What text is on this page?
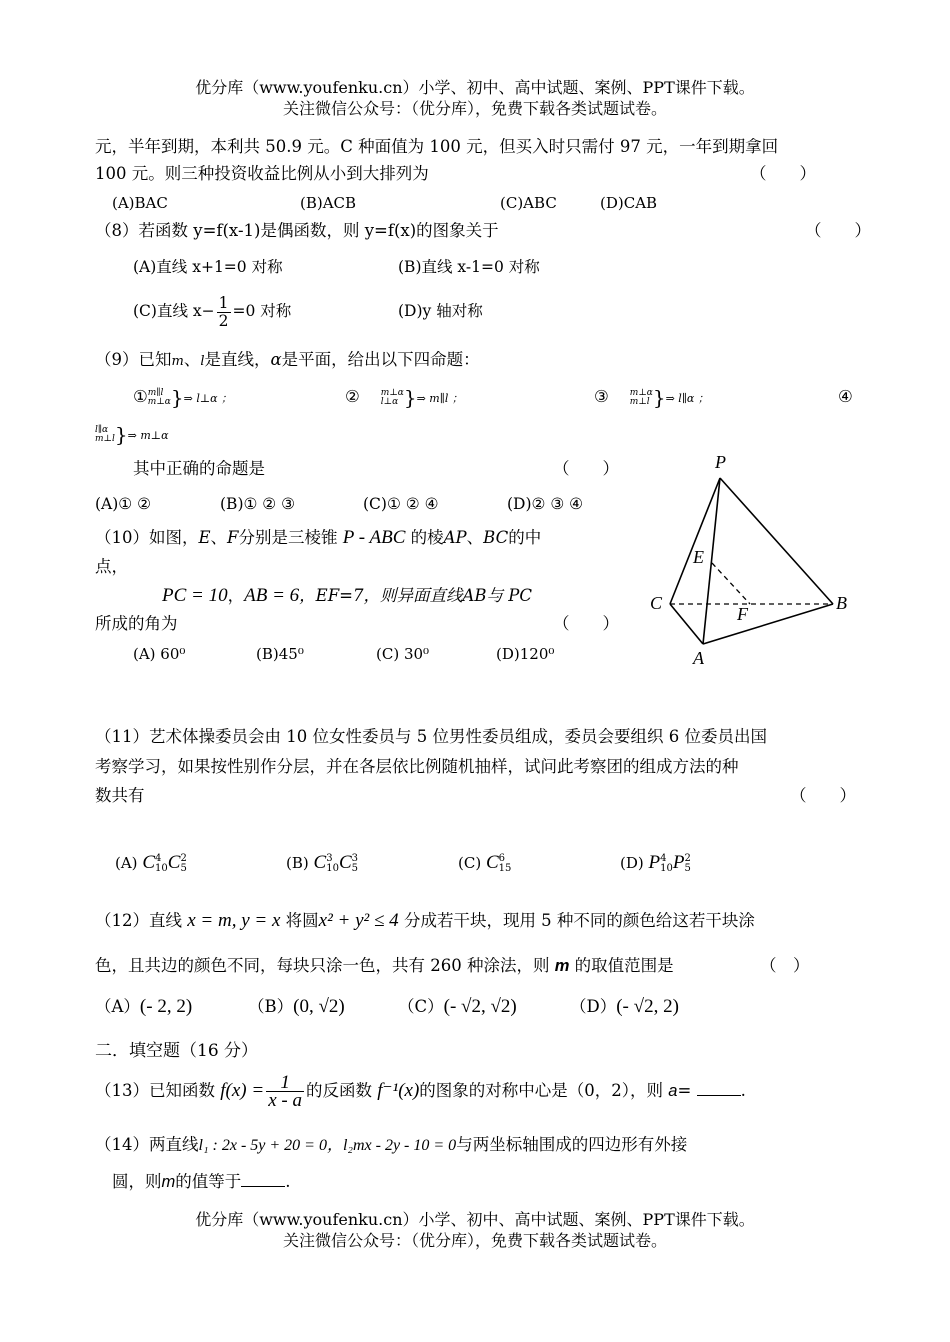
优分库（www.youfenku.cn）小学、初中、高中试题、案例、PPT课件下载。
关注微信公众号：（优分库），免费下载各类试题试卷。
元，半年到期，本利共 50.9 元。C 种面值为 100 元，但买入时只需付 97 元，一年到期拿回
100 元。则三种投资收益比例从小到大排列为	（　　）
(A)BAC	(B)ACB	(C)ABC	(D)CAB
（8）若函数 y=f(x-1)是偶函数，则 y=f(x)的图象关于	（　　）
(A)直线 x+1=0 对称	(B)直线 x-1=0 对称
(C)直线 $x- \frac{1}{2} =0$ 对称	(D)y 轴对称
（9）已知m、l是直线，α是平面，给出以下四命题：
①m∥l
m⊥α}⇒ l⊥α ；	② m⊥α
l⊥α }⇒ m∥l ；	③ m⊥α
m⊥l }⇒ l∥α ；	④
l∥α
m⊥l}⇒ m⊥α
其中正确的命题是	（　　）
(A)① ②	(B)① ② ③	(C)① ② ④	(D)② ③ ④
（10）如图，E、F分别是三棱锥 P - ABC 的棱AP、BC的中
点，
PC = 10，AB = 6，EF=7，则异面直线AB与 PC
所成的角为	（　　）
(A) 60⁰	(B)45⁰	(C) 30⁰	(D)120⁰
P
E
C
F
B
A
（11）艺术体操委员会由 10 位女性委员与 5 位男性委员组成，委员会要组织 6 位委员出国
考察学习，如果按性别作分层，并在各层依比例随机抽样，试问此考察团的组成方法的种
数共有	（　　）
(A) C4
10C2
5	(B) C3
10C3
5	(C) C6
15	(D) P4
10P2
5
（12）直线 x = m, y = x 将圆x² + y² ≤ 4 分成若干块，现用 5 种不同的颜色给这若干块涂
色，且共边的颜色不同，每块只涂一色，共有 260 种涂法，则 m 的取值范围是	（　）
（A）(- 2, 2)	（B）(0, √2)	（C）(- √2, √2)	（D）(- √2, 2)
二．填空题（16 分）
（13）已知函数 $f(x) = \frac{1}{x - a}$ 的反函数 f⁻¹(x)的图象的对称中心是（0，2），则 a=	.
（14）两直线l₁ : 2x - 5y + 20 = 0，l₂mx - 2y - 10 = 0与两坐标轴围成的四边形有外接
圆，则m的值等于	.
优分库（www.youfenku.cn）小学、初中、高中试题、案例、PPT课件下载。
关注微信公众号：（优分库），免费下载各类试题试卷。
